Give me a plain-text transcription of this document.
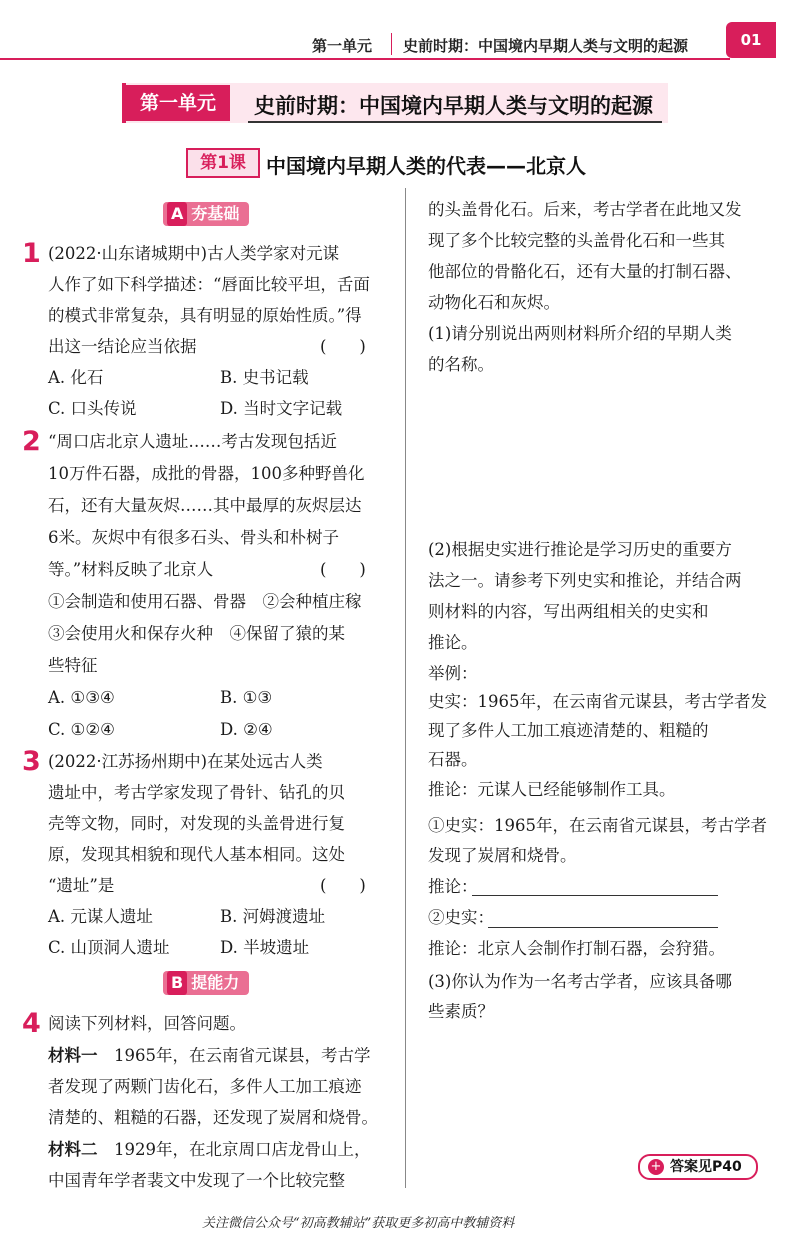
第一单元 史前时期：中国境内早期人类与文明的起源	01
第一单元	史前时期：中国境内早期人类与文明的起源
第1课	中国境内早期人类的代表——北京人
A 夯基础
1 (2022·山东诸城期中)古人类学家对元谋
人作了如下科学描述：“唇面比较平坦，舌面
的模式非常复杂，具有明显的原始性质。”得
出这一结论应当依据	(　　)
A. 化石	B. 史书记载
C. 口头传说	D. 当时文字记载
2 “周口店北京人遗址……考古发现包括近
10万件石器，成批的骨器，100多种野兽化
石，还有大量灰烬……其中最厚的灰烬层达
6米。灰烬中有很多石头、骨头和朴树子
等。”材料反映了北京人	(　　)
①会制造和使用石器、骨器　②会种植庄稼
③会使用火和保存火种　④保留了猿的某
些特征
A. ①③④	B. ①③
C. ①②④	D. ②④
3 (2022·江苏扬州期中)在某处远古人类
遗址中，考古学家发现了骨针、钻孔的贝
壳等文物，同时，对发现的头盖骨进行复
原，发现其相貌和现代人基本相同。这处
“遗址”是	(　　)
A. 元谋人遗址	B. 河姆渡遗址
C. 山顶洞人遗址	D. 半坡遗址
B 提能力
4 阅读下列材料，回答问题。
材料一　1965年，在云南省元谋县，考古学
者发现了两颗门齿化石，多件人工加工痕迹
清楚的、粗糙的石器，还发现了炭屑和烧骨。
材料二　1929年，在北京周口店龙骨山上，
中国青年学者裴文中发现了一个比较完整
的头盖骨化石。后来，考古学者在此地又发
现了多个比较完整的头盖骨化石和一些其
他部位的骨骼化石，还有大量的打制石器、
动物化石和灰烬。
(1)请分别说出两则材料所介绍的早期人类
的名称。
(2)根据史实进行推论是学习历史的重要方
法之一。请参考下列史实和推论，并结合两
则材料的内容，写出两组相关的史实和
推论。
举例：
史实：1965年，在云南省元谋县，考古学者发
现了多件人工加工痕迹清楚的、粗糙的
石器。
推论：元谋人已经能够制作工具。
①史实：1965年，在云南省元谋县，考古学者
发现了炭屑和烧骨。
推论：
②史实：
推论：北京人会制作打制石器，会狩猎。
(3)你认为作为一名考古学者，应该具备哪
些素质？
答案见P40
+
关注微信公众号“初高教辅站”获取更多初高中教辅资料
